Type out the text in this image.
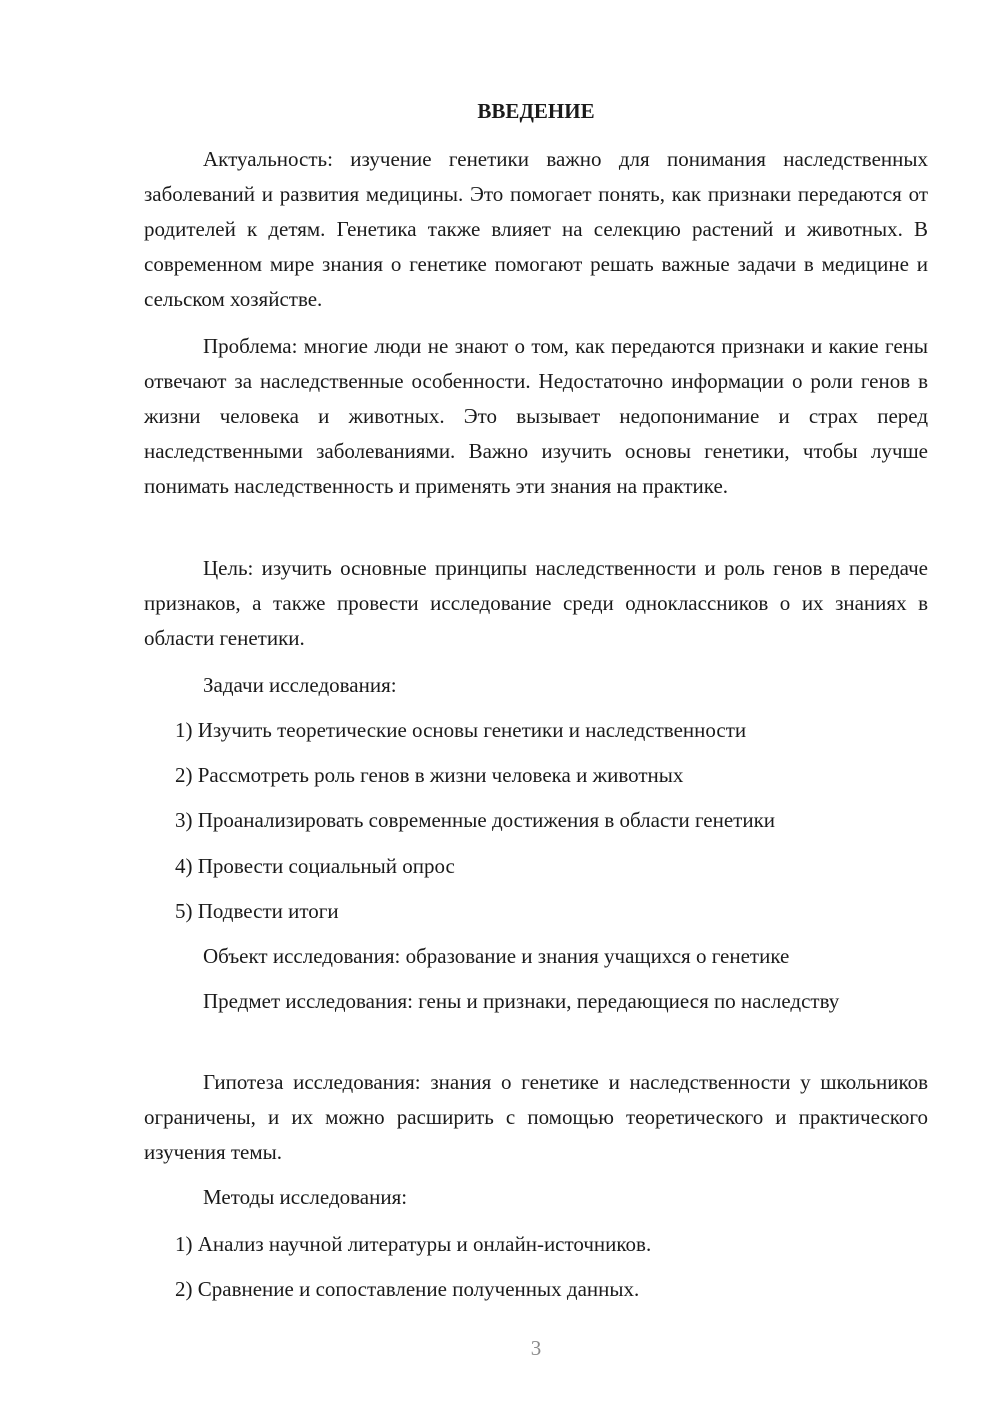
ВВЕДЕНИЕ

Актуальность: изучение генетики важно для понимания наследственных заболеваний и развития медицины. Это помогает понять, как признаки передаются от родителей к детям. Генетика также влияет на селекцию растений и животных. В современном мире знания о генетике помогают решать важные задачи в медицине и сельском хозяйстве.

Проблема: многие люди не знают о том, как передаются признаки и какие гены отвечают за наследственные особенности. Недостаточно информации о роли генов в жизни человека и животных. Это вызывает недопонимание и страх перед наследственными заболеваниями. Важно изучить основы генетики, чтобы лучше понимать наследственность и применять эти знания на практике.

Цель: изучить основные принципы наследственности и роль генов в передаче признаков, а также провести исследование среди одноклассников о их знаниях в области генетики.

Задачи исследования:

1) Изучить теоретические основы генетики и наследственности

2) Рассмотреть роль генов в жизни человека и животных

3) Проанализировать современные достижения в области генетики

4) Провести социальный опрос

5) Подвести итоги

Объект исследования: образование и знания учащихся о генетике

Предмет исследования: гены и признаки, передающиеся по наследству

Гипотеза исследования: знания о генетике и наследственности у школьников ограничены, и их можно расширить с помощью теоретического и практического изучения темы.

Методы исследования:

1) Анализ научной литературы и онлайн-источников.

2) Сравнение и сопоставление полученных данных.

3
